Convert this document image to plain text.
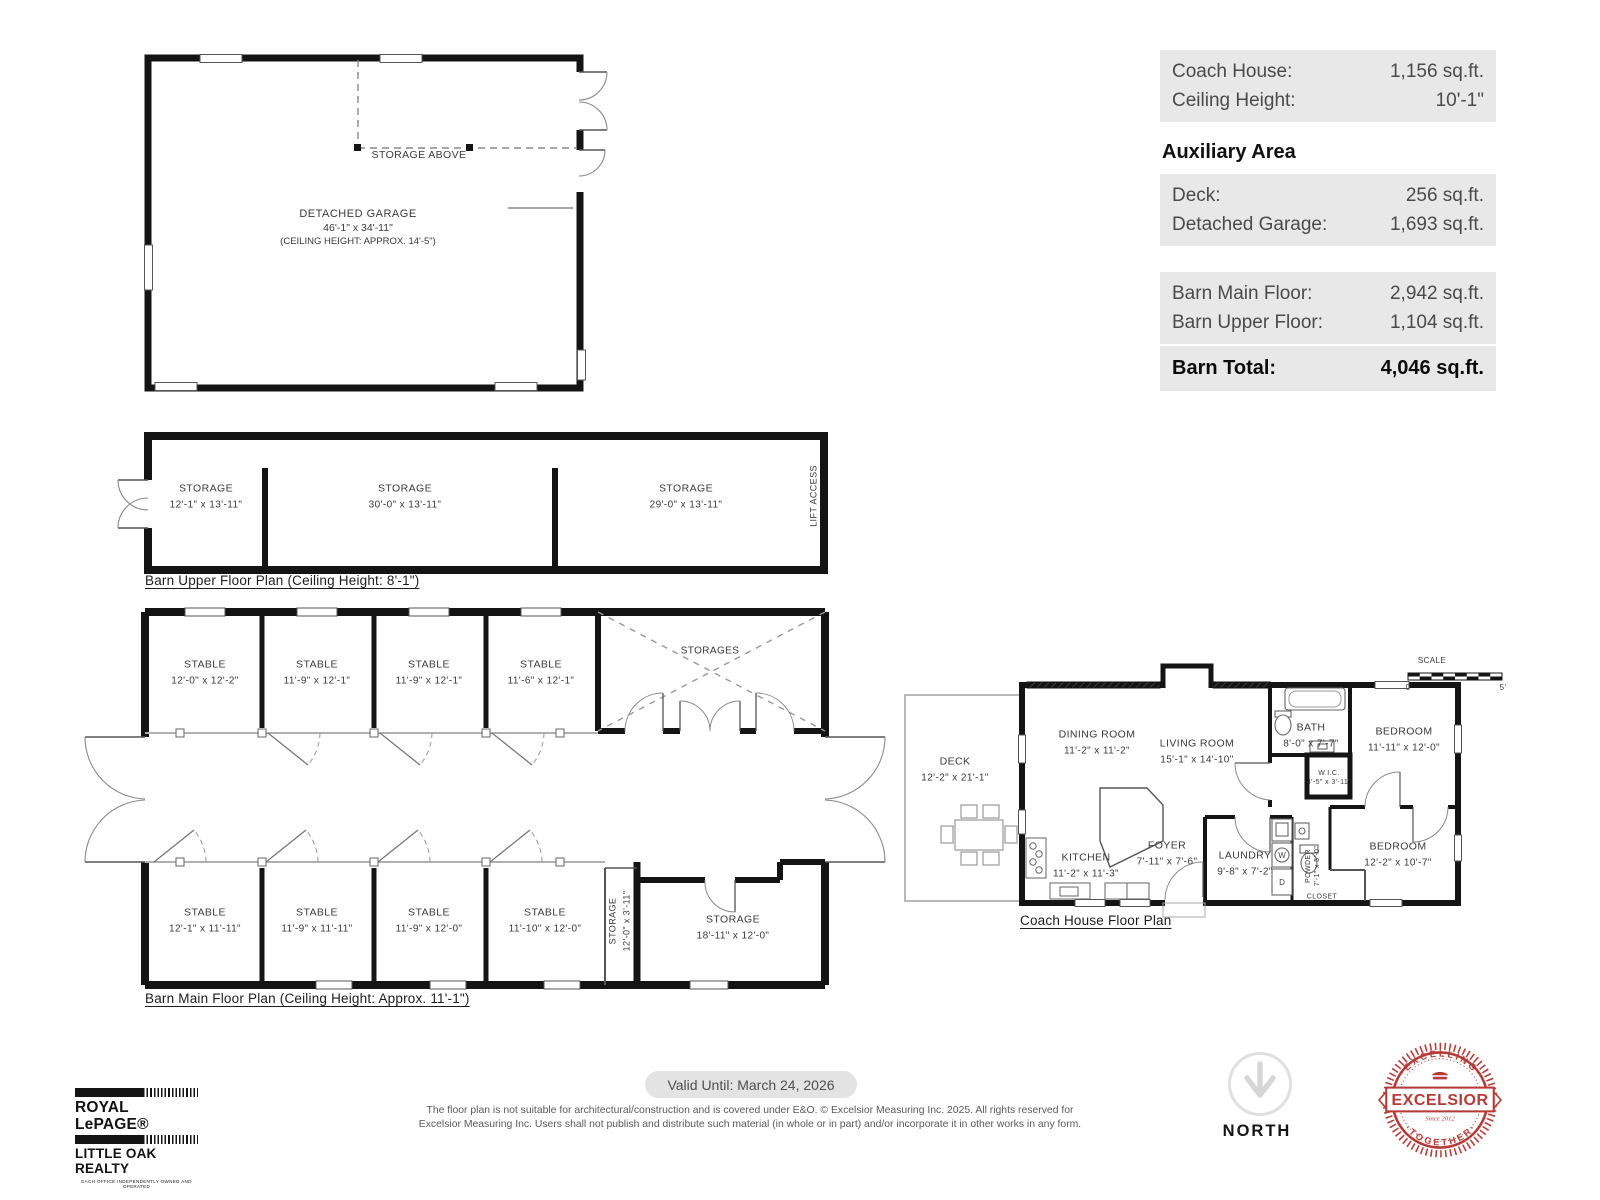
STORAGE ABOVE
DETACHED GARAGE
46'-1" x 34'-11"
(CEILING HEIGHT: APPROX. 14'-5")
STORAGE
12'-1" x 13'-11"
STORAGE
30'-0" x 13'-11"
STORAGE
29'-0" x 13'-11"	LIFT ACCESS
Barn Upper Floor Plan (Ceiling Height: 8'-1")
STABLE
12'-0" x 12'-2"
STABLE
11'-9" x 12'-1"
STABLE
11'-9" x 12'-1"
STABLE
11'-6" x 12'-1"
STORAGES
STABLE
12'-1" x 11'-11"
STABLE
11'-9" x 11'-11"
STABLE
11'-9" x 12'-0"
STABLE
11'-10" x 12'-0"	STORAGE 12'-0" x 3'-11"	STORAGE
18'-11" x 12'-0"
Barn Main Floor Plan (Ceiling Height: Approx. 11'-1")
W
D
DECK
12'-2" x 21'-1"
DINING ROOM
11'-2" x 11'-2"
LIVING ROOM
15'-1" x 14'-10"
KITCHEN
11'-2" x 11'-3"
FOYER
7'-11" x 7'-6"
LAUNDRY
9'-8" x 7'-2"
BATH
8'-0" x 7'-7"
W.I.C.
4'-5" x 3'-11"
BEDROOM
11'-11" x 12'-0"
BEDROOM
12'-2" x 10'-7"
POWDER 7'-1" x 5'-0"
CLOSET
SCALE
0'	5'
Coach House Floor Plan
Coach House:	1,156 sq.ft.
Ceiling Height:	10'-1"
Auxiliary Area
Deck:	256 sq.ft.
Detached Garage:	1,693 sq.ft.
Barn Main Floor:	2,942 sq.ft.
Barn Upper Floor:	1,104 sq.ft.
Barn Total:	4,046 sq.ft.
ROYAL LePAGE®
LITTLE OAK REALTY
EACH OFFICE INDEPENDENTLY OWNED AND OPERATED
Valid Until: March 24, 2026
The floor plan is not suitable for architectural/construction and is covered under E&O. © Excelsior Measuring Inc. 2025. All rights reserved for
Excelsior Measuring Inc. Users shall not publish and distribute such material (in whole or in part) and/or incorporate it in other works in any form.	NORTH
· E X C E L L I N G ·
EXCELSIOR
Since 2012
· T O G E T H E R ·
